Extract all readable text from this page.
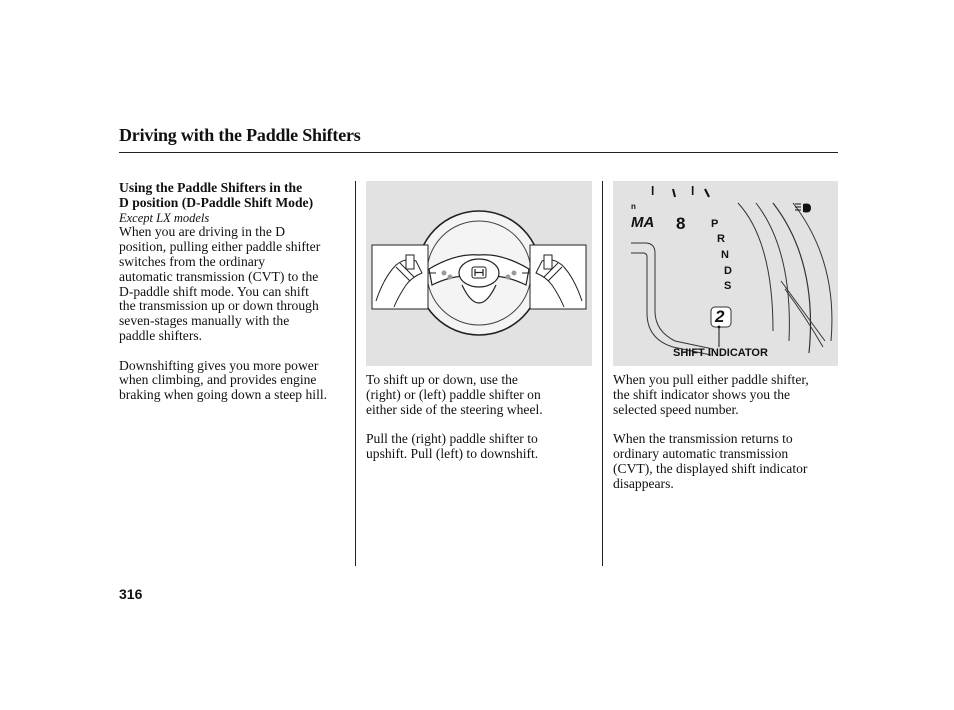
Driving with the Paddle Shifters
Using the Paddle Shifters in the
D position (D-Paddle Shift Mode)
Except LX models

When you are driving in the D
position, pulling either paddle shifter
switches from the ordinary
automatic transmission (CVT) to the
D-paddle shift mode. You can shift
the transmission up or down through
seven-stages manually with the
paddle shifters.

Downshifting gives you more power
when climbing, and provides engine
braking when going down a steep hill.

To shift up or down, use the
(right) or (left) paddle shifter on
either side of the steering wheel.

Pull the (right) paddle shifter to
upshift. Pull (left) to downshift.

n
MA
l	l
8 P
R
N
D
S
2
SHIFT INDICATOR

When you pull either paddle shifter,
the shift indicator shows you the
selected speed number.

When the transmission returns to
ordinary automatic transmission
(CVT), the displayed shift indicator
disappears.

316
